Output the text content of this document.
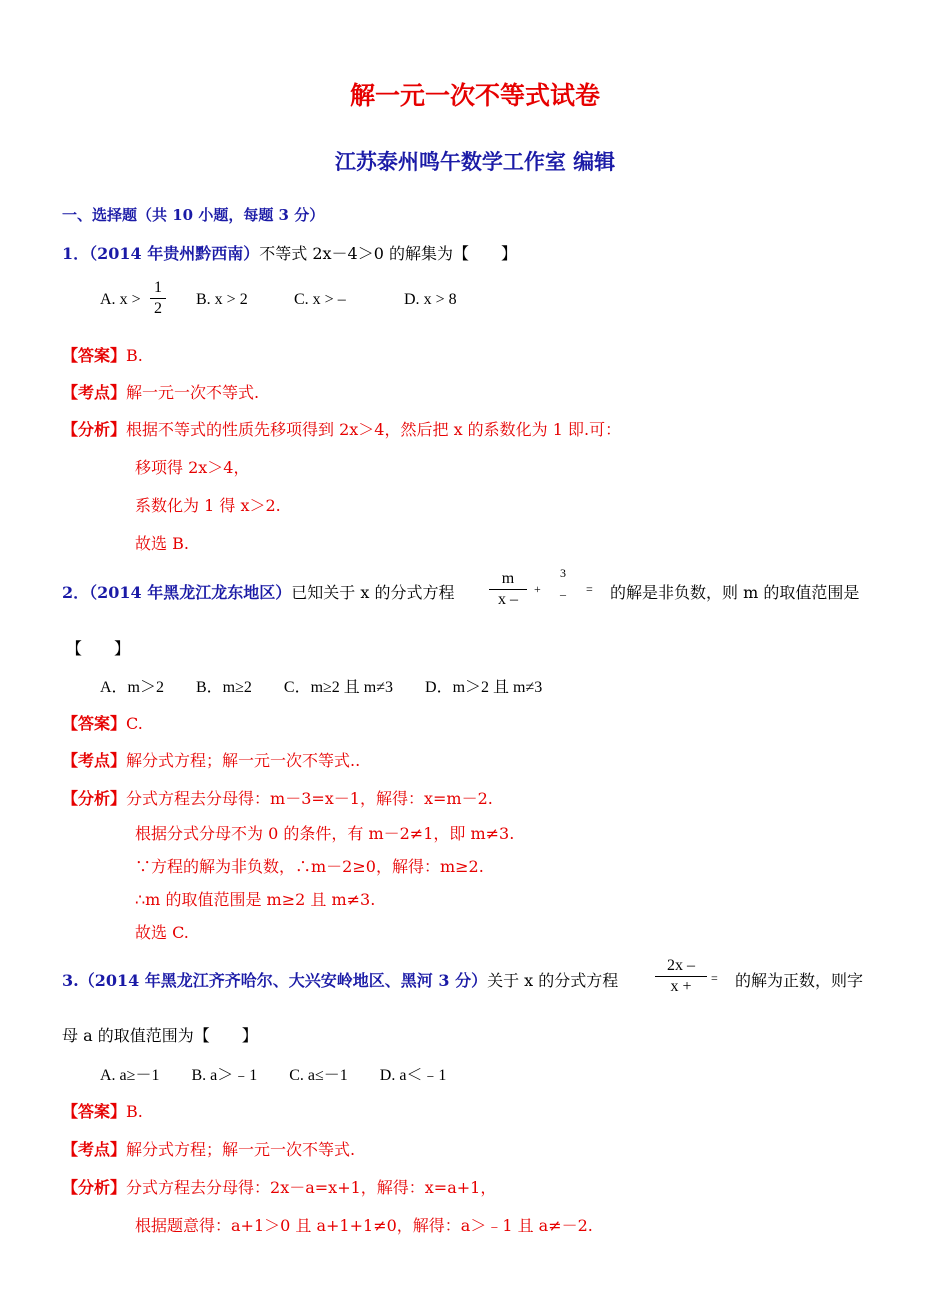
解一元一次不等式试卷
江苏泰州鸣午数学工作室 编辑
一、选择题（共 10 小题，每题 3 分）
1．（2014 年贵州黔西南）不等式 2x－4＞0 的解集为【　　】
A. x >
1
2
B. x > 2	C. x > –	D. x > 8
【答案】B.
【考点】解一元一次不等式.
【分析】根据不等式的性质先移项得到 2x＞4，然后把 x 的系数化为 1 即.可：
移项得 2x＞4，
系数化为 1 得 x＞2.
故选 B.
2．（2014 年黑龙江龙东地区）已知关于 x 的分式方程
m
x –
+
3
–	= 的解是非负数，则 m 的取值范围是
【　　】
A．m＞2　　B．m≥2　　C．m≥2 且 m≠3　　D．m＞2 且 m≠3
【答案】C.
【考点】解分式方程；解一元一次不等式..
【分析】分式方程去分母得：m－3=x－1，解得：x=m－2.
根据分式分母不为 0 的条件，有 m－2≠1，即 m≠3.
∵方程的解为非负数，∴m－2≥0，解得：m≥2.
∴m 的取值范围是 m≥2 且 m≠3.
故选 C.
3.（2014 年黑龙江齐齐哈尔、大兴安岭地区、黑河 3 分）关于 x 的分式方程
2x –
x +	= 的解为正数，则字
母 a 的取值范围为【　　】
A. a≥－1　　B. a＞﹣1　　C. a≤－1　　D. a＜﹣1
【答案】B.
【考点】解分式方程；解一元一次不等式.
【分析】分式方程去分母得：2x－a=x+1，解得：x=a+1，
根据题意得：a+1＞0 且 a+1+1≠0，解得：a＞﹣1 且 a≠－2.
